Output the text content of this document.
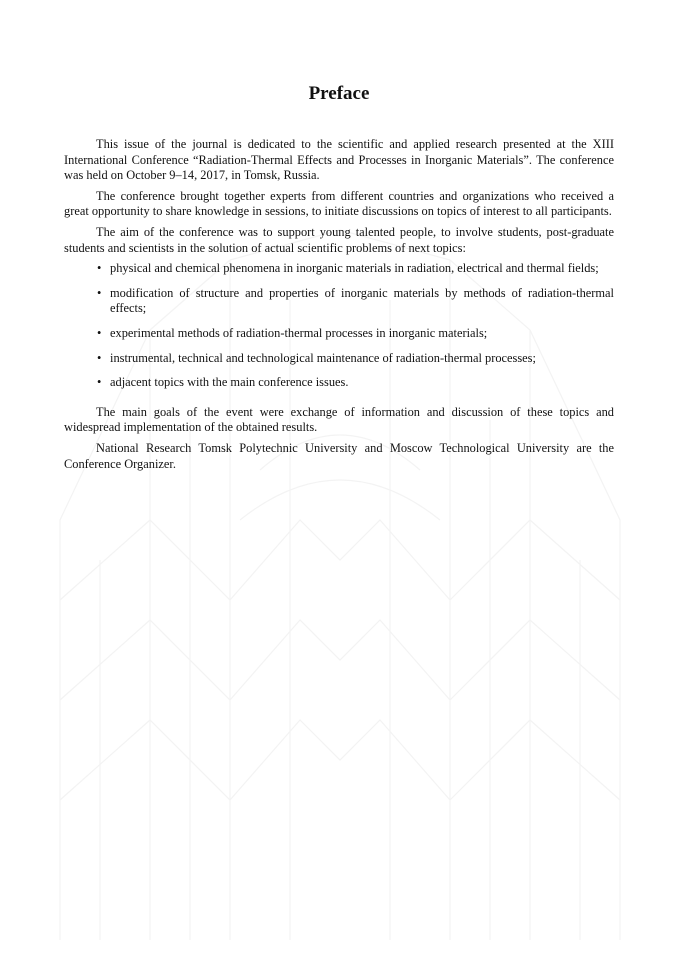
Preface

This issue of the journal is dedicated to the scientific and applied research presented at the XIII International Conference “Radiation-Thermal Effects and Processes in Inorganic Materials”. The conference was held on October 9–14, 2017, in Tomsk, Russia.

The conference brought together experts from different countries and organizations who received a great opportunity to share knowledge in sessions, to initiate discussions on topics of interest to all participants.

The aim of the conference was to support young talented people, to involve students, post-graduate students and scientists in the solution of actual scientific problems of next topics:

• physical and chemical phenomena in inorganic materials in radiation, electrical and thermal fields;
• modification of structure and properties of inorganic materials by methods of radiation-thermal effects;
• experimental methods of radiation-thermal processes in inorganic materials;
• instrumental, technical and technological maintenance of radiation-thermal processes;
• adjacent topics with the main conference issues.

The main goals of the event were exchange of information and discussion of these topics and widespread implementation of the obtained results.

National Research Tomsk Polytechnic University and Moscow Technological University are the Conference Organizer.
